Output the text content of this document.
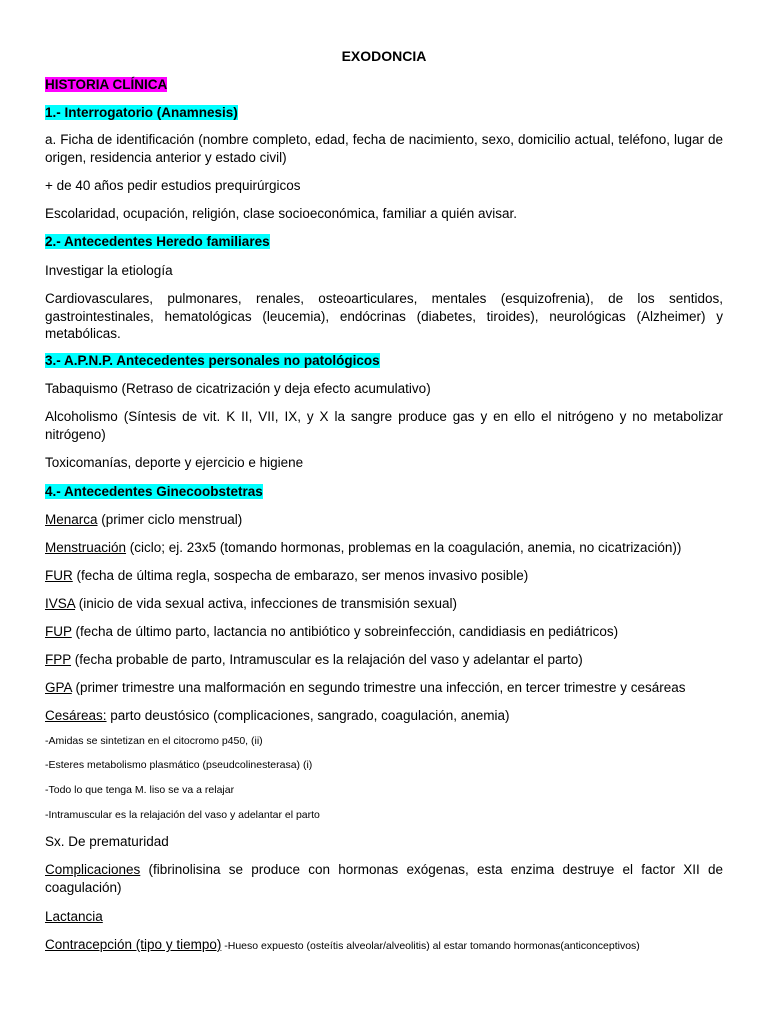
EXODONCIA
HISTORIA CLÍNICA
1.- Interrogatorio (Anamnesis)
a. Ficha de identificación (nombre completo, edad, fecha de nacimiento, sexo, domicilio actual, teléfono, lugar de origen, residencia anterior y estado civil)
+ de 40 años pedir estudios prequirúrgicos
Escolaridad, ocupación, religión, clase socioeconómica, familiar a quién avisar.
2.- Antecedentes Heredo familiares
Investigar la etiología
Cardiovasculares, pulmonares, renales, osteoarticulares, mentales (esquizofrenia), de los sentidos, gastrointestinales, hematológicas (leucemia), endócrinas (diabetes, tiroides), neurológicas (Alzheimer) y metabólicas.
3.- A.P.N.P. Antecedentes personales no patológicos
Tabaquismo (Retraso de cicatrización y deja efecto acumulativo)
Alcoholismo (Síntesis de vit. K II, VII, IX, y X la sangre produce gas y en ello el nitrógeno y no metabolizar nitrógeno)
Toxicomanías, deporte y ejercicio e higiene
4.- Antecedentes Ginecoobstetras
Menarca (primer ciclo menstrual)
Menstruación (ciclo; ej. 23x5 (tomando hormonas, problemas en la coagulación, anemia, no cicatrización))
FUR (fecha de última regla, sospecha de embarazo, ser menos invasivo posible)
IVSA (inicio de vida sexual activa, infecciones de transmisión sexual)
FUP (fecha de último parto, lactancia no antibiótico y sobreinfección, candidiasis en pediátricos)
FPP (fecha probable de parto, Intramuscular es la relajación del vaso y adelantar el parto)
GPA (primer trimestre una malformación en segundo trimestre una infección, en tercer trimestre y cesáreas
Cesáreas: parto deustósico (complicaciones, sangrado, coagulación, anemia)
-Amidas se sintetizan en el citocromo p450, (ii)
-Esteres metabolismo plasmático (pseudcolinesterasa) (i)
-Todo lo que tenga M. liso se va a relajar
-Intramuscular es la relajación del vaso y adelantar el parto
Sx. De prematuridad
Complicaciones (fibrinolisina se produce con hormonas exógenas, esta enzima destruye el factor XII de coagulación)
Lactancia
Contracepción (tipo y tiempo) -Hueso expuesto (osteítis alveolar/alveolitis) al estar tomando hormonas(anticonceptivos)
